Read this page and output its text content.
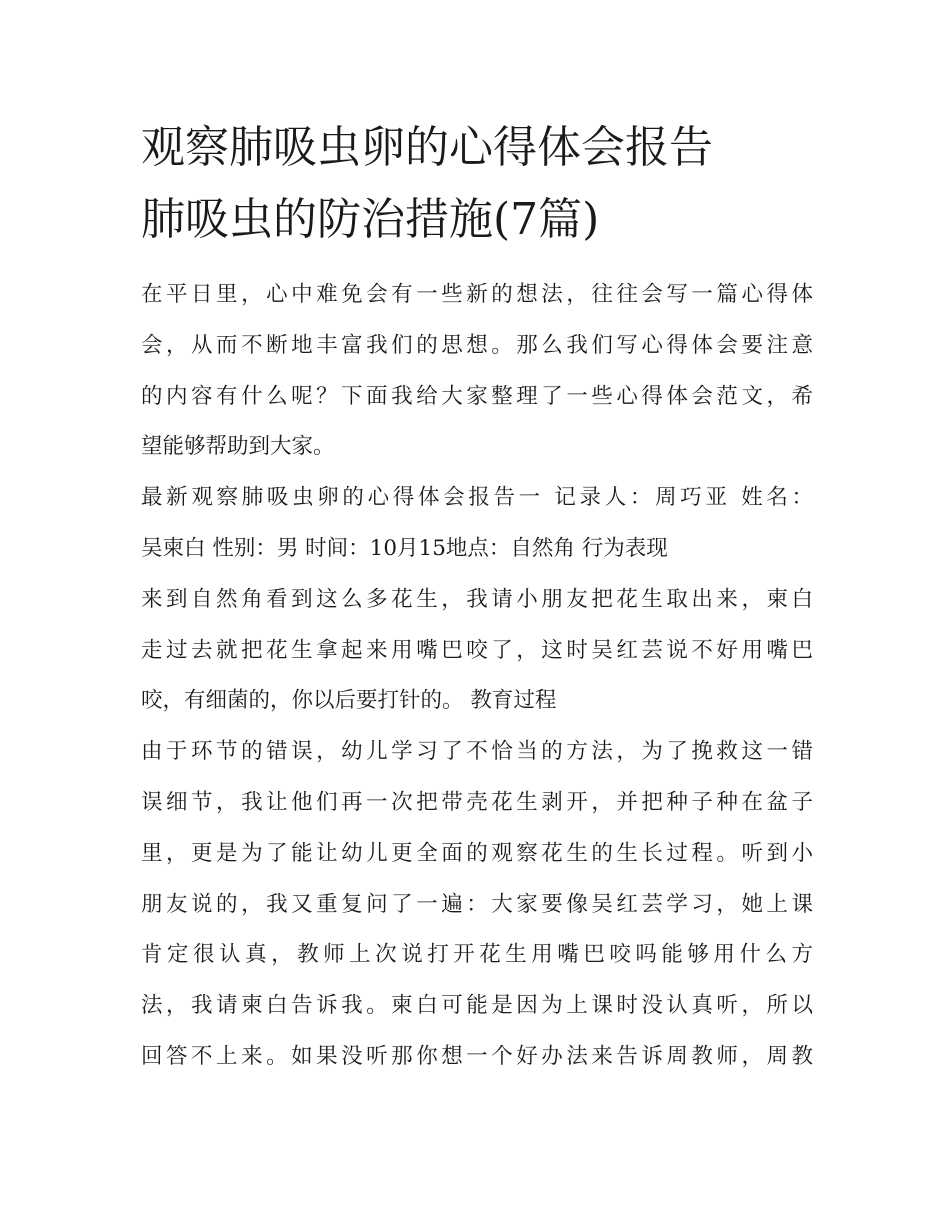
观察肺吸虫卵的心得体会报告
肺吸虫的防治措施(7篇)

在平日里，心中难免会有一些新的想法，往往会写一篇心得体
会，从而不断地丰富我们的思想。那么我们写心得体会要注意
的内容有什么呢？下面我给大家整理了一些心得体会范文，希
望能够帮助到大家。

最新观察肺吸虫卵的心得体会报告一 记录人：周巧亚 姓名：
吴柬白 性别：男 时间：10月15地点：自然角 行为表现

来到自然角看到这么多花生，我请小朋友把花生取出来，柬白
走过去就把花生拿起来用嘴巴咬了，这时吴红芸说不好用嘴巴
咬，有细菌的，你以后要打针的。 教育过程

由于环节的错误，幼儿学习了不恰当的方法，为了挽救这一错
误细节，我让他们再一次把带壳花生剥开，并把种子种在盆子
里，更是为了能让幼儿更全面的观察花生的生长过程。听到小
朋友说的，我又重复问了一遍：大家要像吴红芸学习，她上课
肯定很认真，教师上次说打开花生用嘴巴咬吗能够用什么方
法，我请柬白告诉我。柬白可能是因为上课时没认真听，所以
回答不上来。如果没听那你想一个好办法来告诉周教师，周教
